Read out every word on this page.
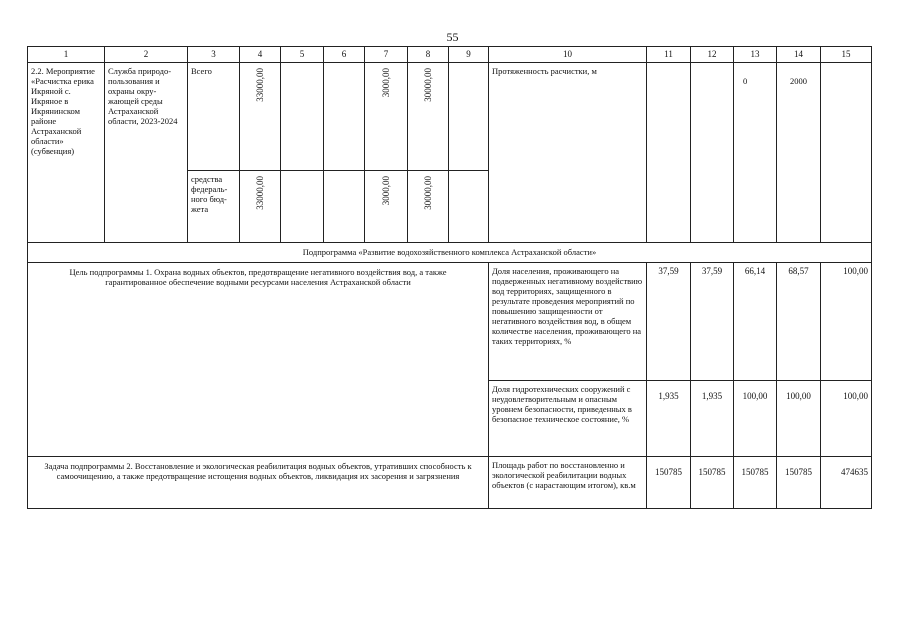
55
1	2	3	4	5	6	7	8	9	10	11	12	13	14	15
2.2. Мероприятие «Расчистка ерика Икряной с. Икряное в Икрянинском районе Астраханской области» (субвенция)	Служба природо-пользования и охраны окру-жающей среды Астраханской области, 2023-2024	Всего	33000,00			3000,00	30000,00		Протяженность расчистки, м			0	2000	

		средства федераль-ного бюд-жета	33000,00			3000,00	30000,00							

Подпрограмма «Развитие водохозяйственного комплекса Астраханской области»														
Цель подпрограммы 1. Охрана водных объектов, предотвращение негативного воздействия вод, а также гарантированное обеспечение водными ресурсами населения Астраханской области									Доля населения, проживающего на подверженных негативному воздействию вод территориях, защищенного в результате проведения мероприятий по повышению защищенности от негативного воздействия вод, в общем количестве населения, проживающего на таких территориях, %	37,59	37,59	66,14	68,57	100,00
									Доля гидротехнических сооружений с неудовлетворительным и опасным уровнем безопасности, приведенных в безопасное техническое состояние, %	1,935	1,935	100,00	100,00	100,00
Задача подпрограммы 2. Восстановление и экологическая реабилитация водных объектов, утративших способность к самоочищению, а также предотвращение истощения водных объектов, ликвидация их засорения и загрязнения									Площадь работ по восстановленно и экологической реабилитации водных объектов (с нарастающим итогом), кв.м	150785	150785	150785	150785	474635
